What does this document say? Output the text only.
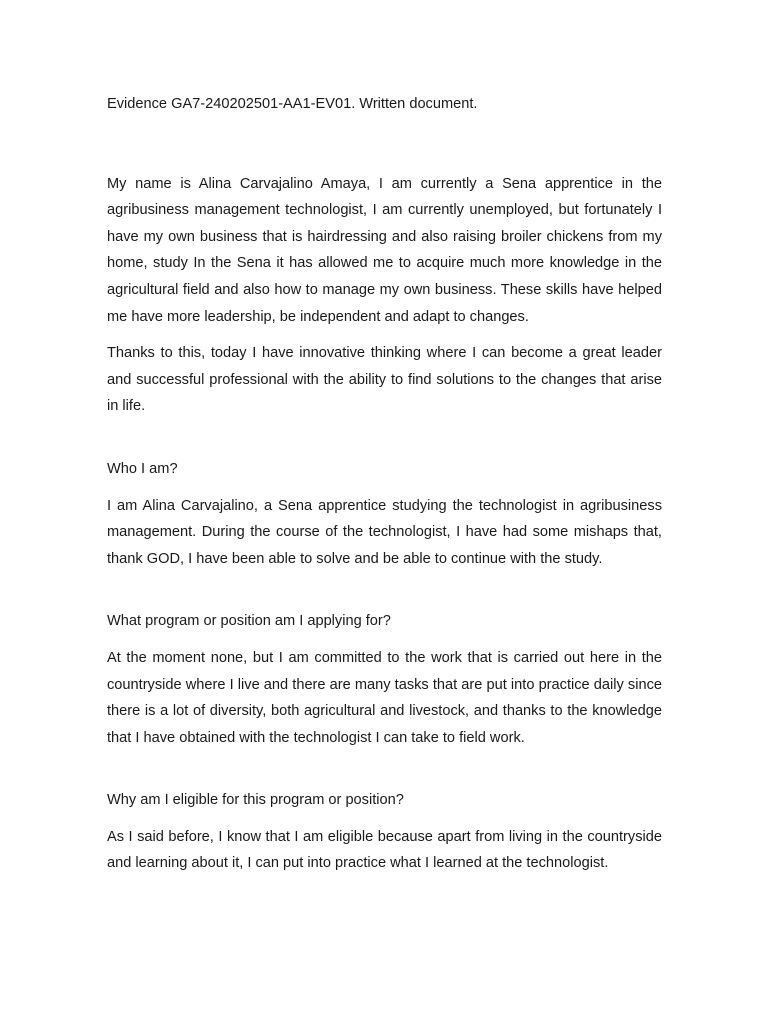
Evidence GA7-240202501-AA1-EV01. Written document.

My name is Alina Carvajalino Amaya, I am currently a Sena apprentice in the agribusiness management technologist, I am currently unemployed, but fortunately I have my own business that is hairdressing and also raising broiler chickens from my home, study In the Sena it has allowed me to acquire much more knowledge in the agricultural field and also how to manage my own business. These skills have helped me have more leadership, be independent and adapt to changes.

Thanks to this, today I have innovative thinking where I can become a great leader and successful professional with the ability to find solutions to the changes that arise in life.

Who I am?

I am Alina Carvajalino, a Sena apprentice studying the technologist in agribusiness management. During the course of the technologist, I have had some mishaps that, thank GOD, I have been able to solve and be able to continue with the study.

What program or position am I applying for?

At the moment none, but I am committed to the work that is carried out here in the countryside where I live and there are many tasks that are put into practice daily since there is a lot of diversity, both agricultural and livestock, and thanks to the knowledge that I have obtained with the technologist I can take to field work.

Why am I eligible for this program or position?

As I said before, I know that I am eligible because apart from living in the countryside and learning about it, I can put into practice what I learned at the technologist.
